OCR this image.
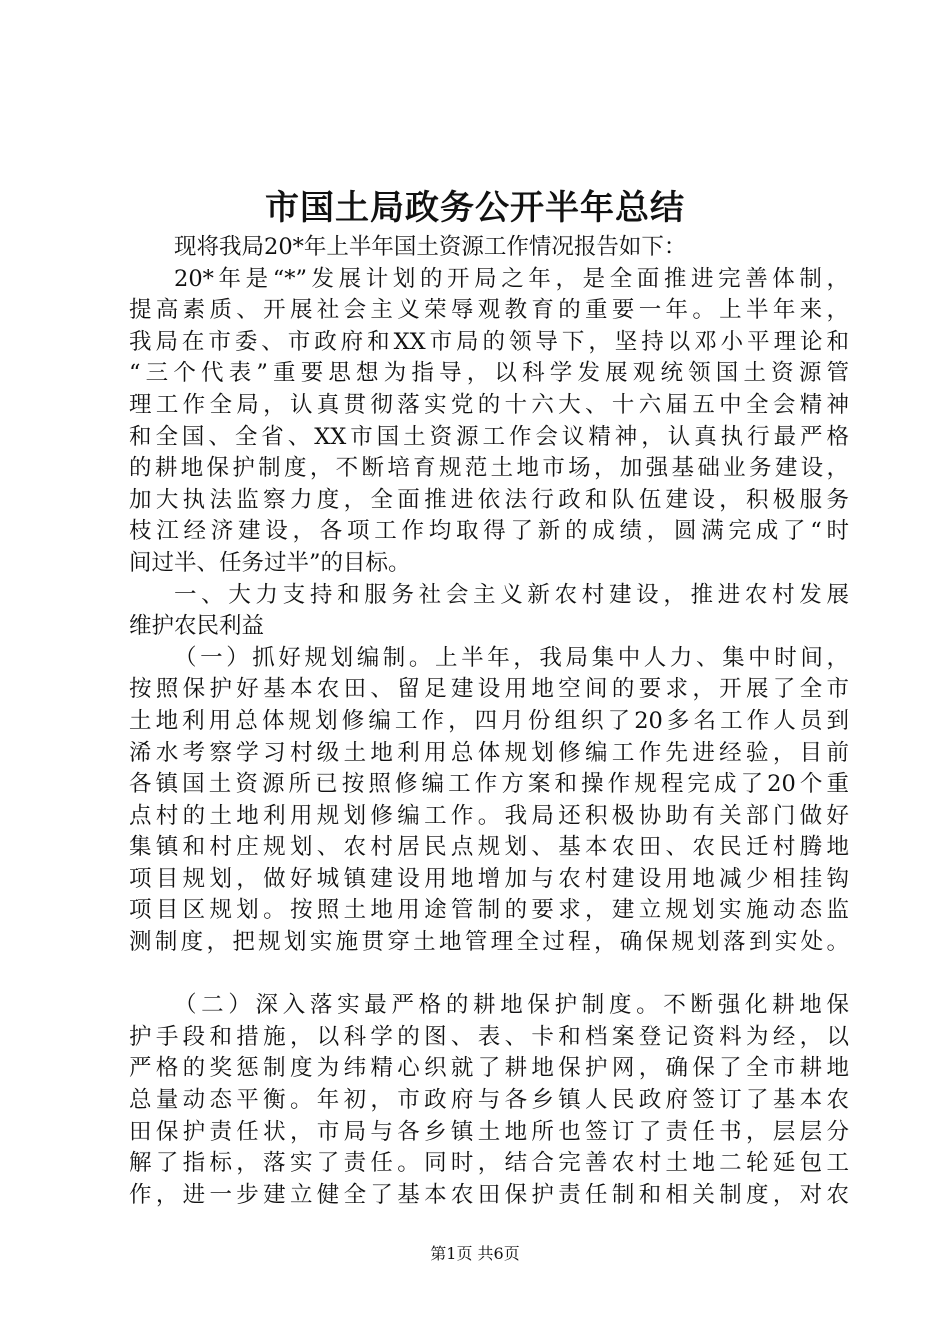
市国土局政务公开半年总结
现将我局20*年上半年国土资源工作情况报告如下：
20*年是“*”发展计划的开局之年，是全面推进完善体制，
提高素质、开展社会主义荣辱观教育的重要一年。上半年来，
我局在市委、市政府和XX市局的领导下，坚持以邓小平理论和
“三个代表”重要思想为指导，以科学发展观统领国土资源管
理工作全局，认真贯彻落实党的十六大、十六届五中全会精神
和全国、全省、XX市国土资源工作会议精神，认真执行最严格
的耕地保护制度，不断培育规范土地市场，加强基础业务建设，
加大执法监察力度，全面推进依法行政和队伍建设，积极服务
枝江经济建设，各项工作均取得了新的成绩，圆满完成了“时
间过半、任务过半”的目标。
一、大力支持和服务社会主义新农村建设，推进农村发展
维护农民利益
（一）抓好规划编制。上半年，我局集中人力、集中时间，
按照保护好基本农田、留足建设用地空间的要求，开展了全市
土地利用总体规划修编工作，四月份组织了20多名工作人员到
浠水考察学习村级土地利用总体规划修编工作先进经验，目前
各镇国土资源所已按照修编工作方案和操作规程完成了20个重
点村的土地利用规划修编工作。我局还积极协助有关部门做好
集镇和村庄规划、农村居民点规划、基本农田、农民迁村腾地
项目规划，做好城镇建设用地增加与农村建设用地减少相挂钩
项目区规划。按照土地用途管制的要求，建立规划实施动态监
测制度，把规划实施贯穿土地管理全过程，确保规划落到实处。
（二）深入落实最严格的耕地保护制度。不断强化耕地保
护手段和措施，以科学的图、表、卡和档案登记资料为经，以
严格的奖惩制度为纬精心织就了耕地保护网，确保了全市耕地
总量动态平衡。年初，市政府与各乡镇人民政府签订了基本农
田保护责任状，市局与各乡镇土地所也签订了责任书，层层分
解了指标，落实了责任。同时，结合完善农村土地二轮延包工
作，进一步建立健全了基本农田保护责任制和相关制度，对农
第1页 共6页
